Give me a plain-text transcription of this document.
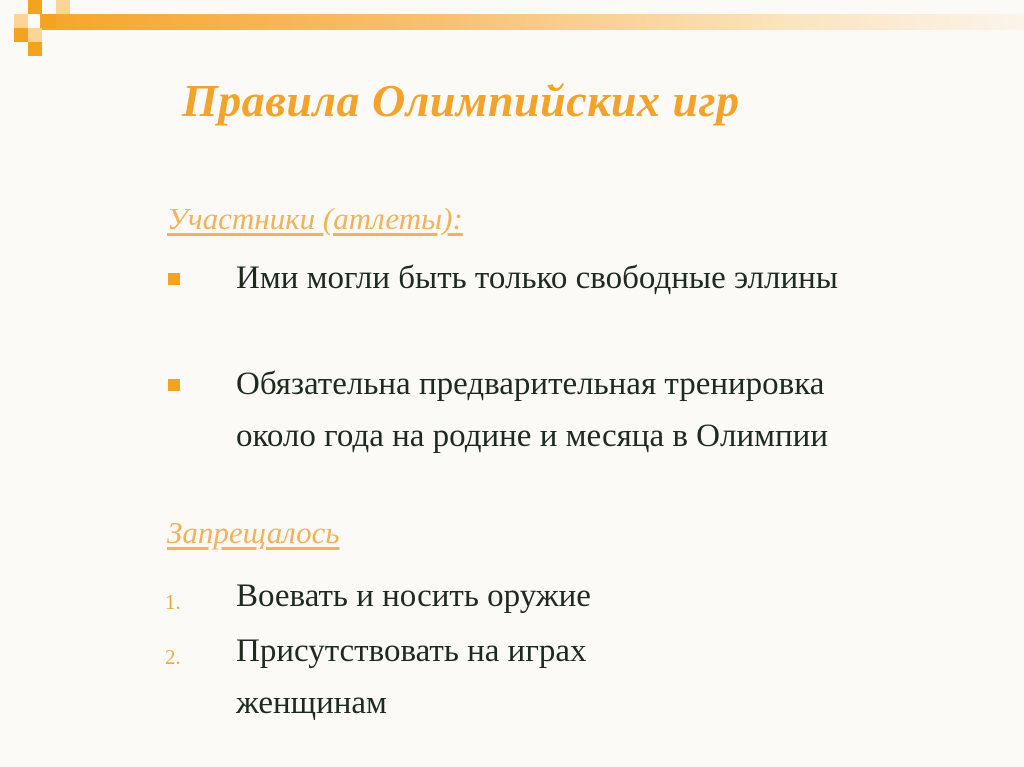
Правила Олимпийских игр
Участники (атлеты):
Ими могли быть только свободные эллины
Обязательна предварительная тренировка около года на родине и месяца в Олимпии
Запрещалось
1. Воевать и носить оружие
2. Присутствовать на играх женщинам
